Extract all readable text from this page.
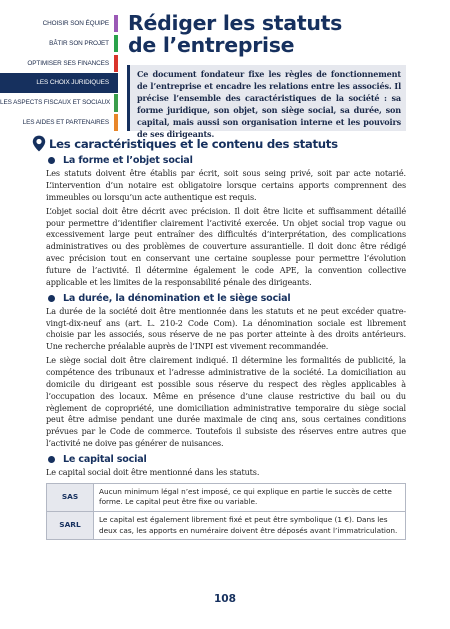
CHOISIR SON ÉQUIPE
BÂTIR SON PROJET
OPTIMISER SES FINANCES
LES CHOIX JURIDIQUES
LES ASPECTS FISCAUX ET SOCIAUX
LES AIDES ET PARTENAIRES
Rédiger les statuts
de l’entreprise
Ce document fondateur fixe les règles de fonctionnement de l’entreprise et encadre les relations entre les associés. Il précise l’ensemble des caractéristiques de la société : sa forme juridique, son objet, son siège social, sa durée, son capital, mais aussi son organisation interne et les pouvoirs de ses dirigeants.
Les caractéristiques et le contenu des statuts
La forme et l’objet social

Les statuts doivent être établis par écrit, soit sous seing privé, soit par acte notarié. L’intervention d’un notaire est obligatoire lorsque certains apports comprennent des immeubles ou lorsqu’un acte authentique est requis.

L’objet social doit être décrit avec précision. Il doit être licite et suffisamment détaillé pour permettre d’identifier clairement l’activité exercée. Un objet social trop vague ou excessivement large peut entraîner des difficultés d’interprétation, des complications administratives ou des problèmes de couverture assurantielle. Il doit donc être rédigé avec précision tout en conservant une certaine souplesse pour permettre l’évolution future de l’activité. Il détermine également le code APE, la convention collective applicable et les limites de la responsabilité pénale des dirigeants.

La durée, la dénomination et le siège social

La durée de la société doit être mentionnée dans les statuts et ne peut excéder quatre-vingt-dix-neuf ans (art. L. 210-2 Code Com). La dénomination sociale est librement choisie par les associés, sous réserve de ne pas porter atteinte à des droits antérieurs. Une recherche préalable auprès de l’INPI est vivement recommandée.

Le siège social doit être clairement indiqué. Il détermine les formalités de publicité, la compétence des tribunaux et l’adresse administrative de la société. La domiciliation au domicile du dirigeant est possible sous réserve du respect des règles applicables à l’occupation des locaux. Même en présence d’une clause restrictive du bail ou du règlement de copropriété, une domiciliation administrative temporaire du siège social peut être admise pendant une durée maximale de cinq ans, sous certaines conditions prévues par le Code de commerce. Toutefois il subsiste des réserves entre autres que l’activité ne doive pas générer de nuisances.

Le capital social

Le capital social doit être mentionné dans les statuts.

SAS	Aucun minimum légal n’est imposé, ce qui explique en partie le succès de cette forme. Le capital peut être fixe ou variable.
SARL	Le capital est également librement fixé et peut être symbolique (1 €). Dans les deux cas, les apports en numéraire doivent être déposés avant l’immatriculation.
108
